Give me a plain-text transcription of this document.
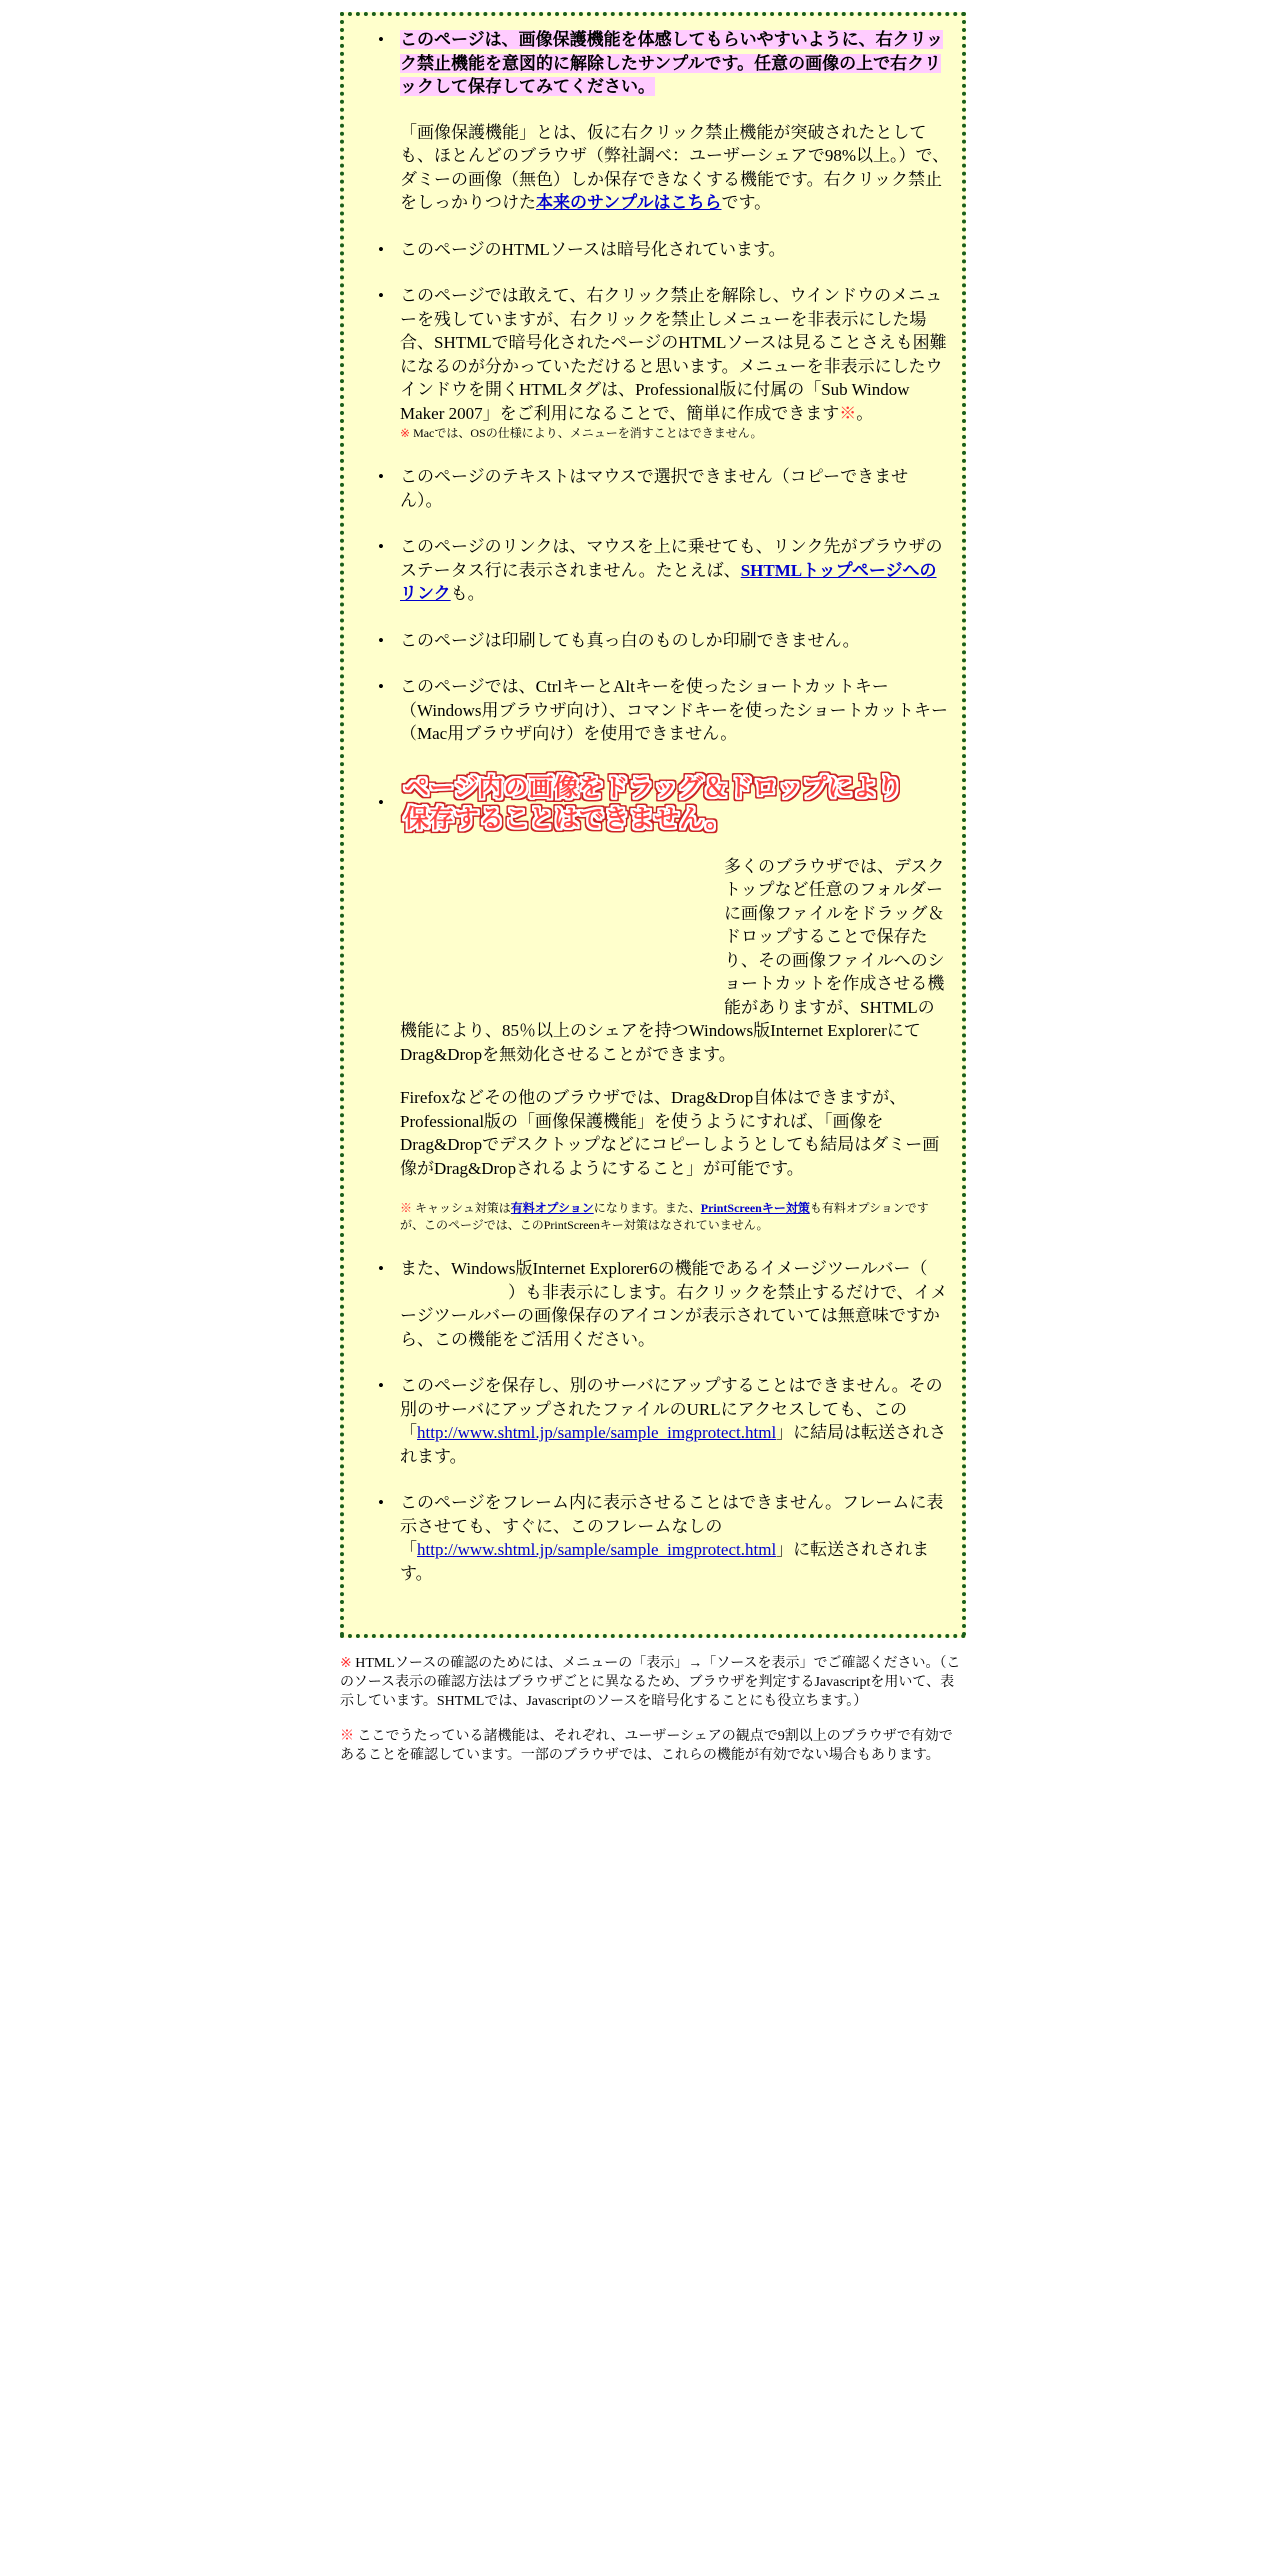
• このページは、画像保護機能を体感してもらいやすいように、右クリック禁止機能を意図的に解除したサンプルです。任意の画像の上で右クリックして保存してみてください。

「画像保護機能」とは、仮に右クリック禁止機能が突破されたとしても、ほとんどのブラウザ（弊社調べ：ユーザーシェアで98%以上。）で、ダミーの画像（無色）しか保存できなくする機能です。右クリック禁止をしっかりつけた本来のサンプルはこちらです。

• このページのHTMLソースは暗号化されています。
• このページでは敢えて、右クリック禁止を解除し、ウインドウのメニューを残していますが、右クリックを禁止しメニューを非表示にした場合、SHTMLで暗号化されたページのHTMLソースは見ることさえも困難になるのが分かっていただけると思います。メニューを非表示にしたウインドウを開くHTMLタグは、Professional版に付属の「Sub Window Maker 2007」をご利用になることで、簡単に作成できます※。
※ Macでは、OSの仕様により、メニューを消すことはできません。
• このページのテキストはマウスで選択できません（コピーできません）。
• このページのリンクは、マウスを上に乗せても、リンク先がブラウザのステータス行に表示されません。たとえば、SHTMLトップページへのリンクも。
• このページは印刷しても真っ白のものしか印刷できません。
• このページでは、CtrlキーとAltキーを使ったショートカットキー（Windows用ブラウザ向け）、コマンドキーを使ったショートカットキー（Mac用ブラウザ向け）を使用できません。
• ページ内の画像をドラッグ＆ドロップにより
保存することはできません。

多くのブラウザでは、デスクトップなど任意のフォルダーに画像ファイルをドラッグ＆ドロップすることで保存たり、その画像ファイルへのショートカットを作成させる機能がありますが、SHTMLの機能により、85％以上のシェアを持つWindows版Internet ExplorerにてDrag&Dropを無効化させることができます。

Firefoxなどその他のブラウザでは、Drag&Drop自体はできますが、Professional版の「画像保護機能」を使うようにすれば、「画像をDrag&Dropでデスクトップなどにコピーしようとしても結局はダミー画像がDrag&Dropされるようにすること」が可能です。

※ キャッシュ対策は有料オプションになります。また、PrintScreenキー対策も有料オプションですが、このページでは、このPrintScreenキー対策はなされていません。
• また、Windows版Internet Explorer6の機能であるイメージツールバー（）も非表示にします。右クリックを禁止するだけで、イメージツールバーの画像保存のアイコンが表示されていては無意味ですから、この機能をご活用ください。
• このページを保存し、別のサーバにアップすることはできません。その別のサーバにアップされたファイルのURLにアクセスしても、この「http://www.shtml.jp/sample/sample_imgprotect.html」に結局は転送されされます。
• このページをフレーム内に表示させることはできません。フレームに表示させても、すぐに、このフレームなしの「http://www.shtml.jp/sample/sample_imgprotect.html」に転送されされます。

※ HTMLソースの確認のためには、メニューの「表示」→「ソースを表示」でご確認ください。（このソース表示の確認方法はブラウザごとに異なるため、ブラウザを判定するJavascriptを用いて、表示しています。SHTMLでは、Javascriptのソースを暗号化することにも役立ちます。）

※ ここでうたっている諸機能は、それぞれ、ユーザーシェアの観点で9割以上のブラウザで有効であることを確認しています。一部のブラウザでは、これらの機能が有効でない場合もあります。
